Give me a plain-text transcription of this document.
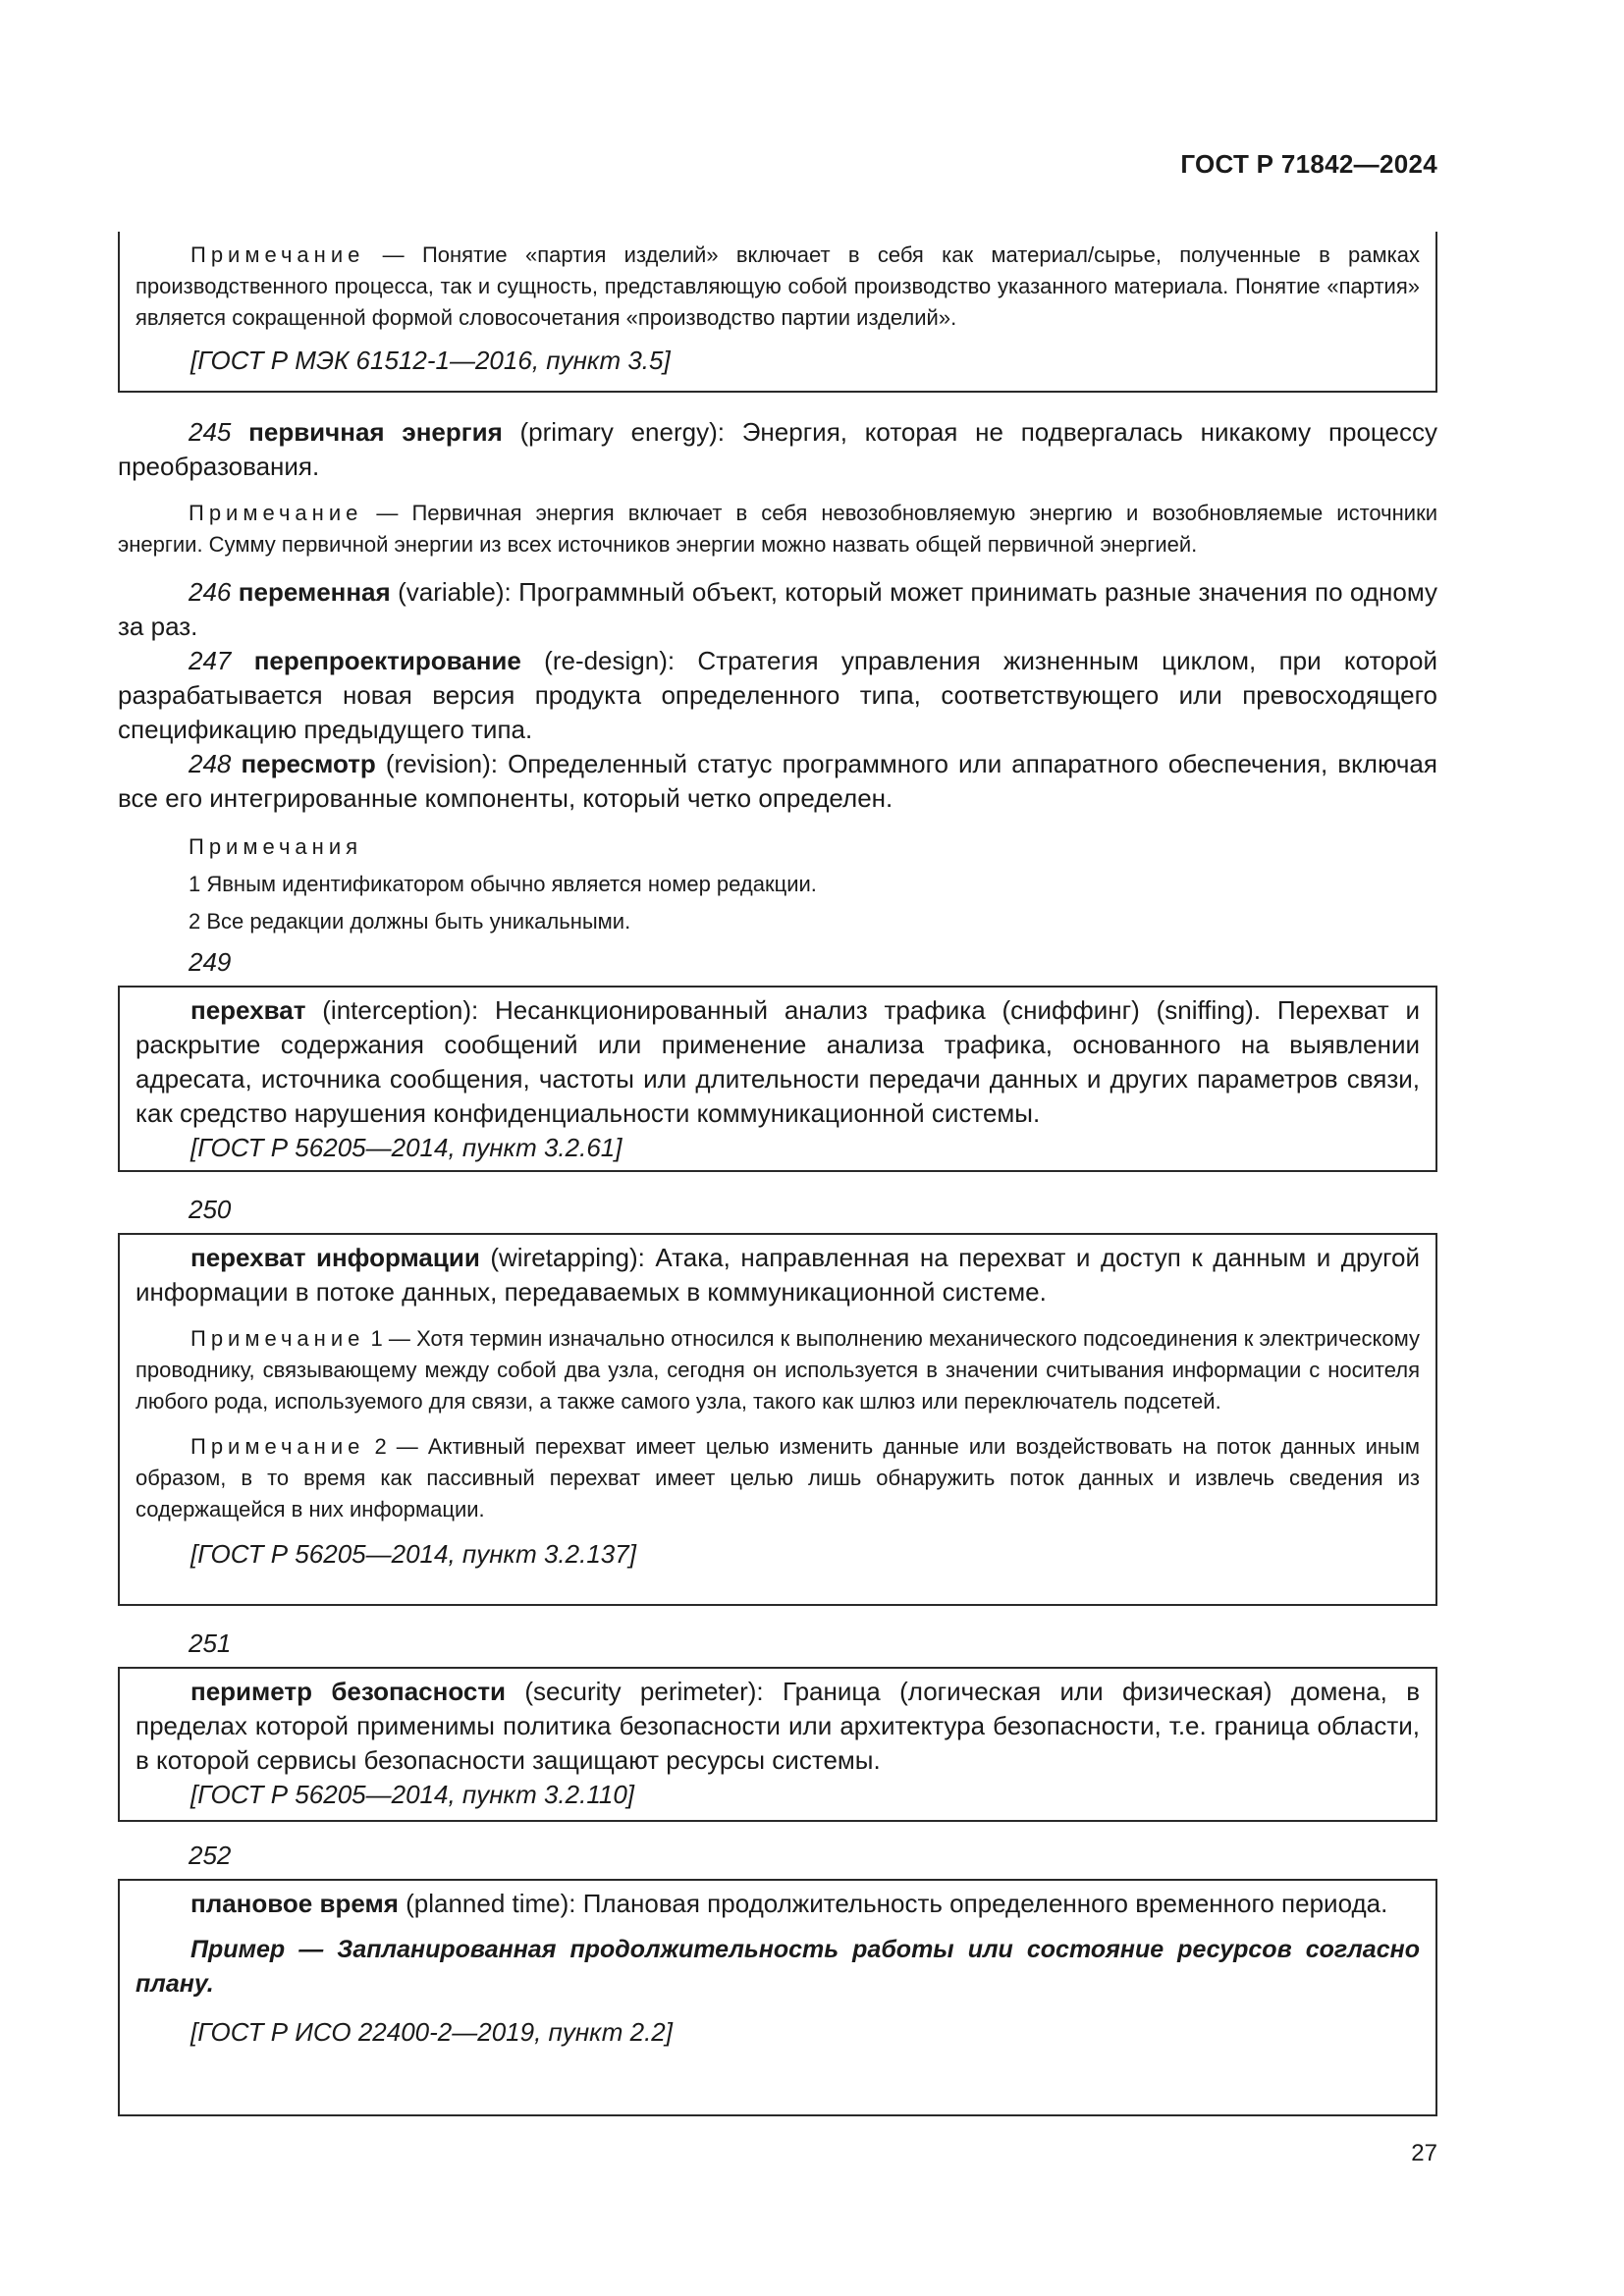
ГОСТ Р 71842—2024

Примечание — Понятие «партия изделий» включает в себя как материал/сырье, полученные в рамках производственного процесса, так и сущность, представляющую собой производство указанного материала. Понятие «партия» является сокращенной формой словосочетания «производство партии изделий».

[ГОСТ Р МЭК 61512-1—2016, пункт 3.5]

245 первичная энергия (primary energy): Энергия, которая не подвергалась никакому процессу преобразования.

Примечание — Первичная энергия включает в себя невозобновляемую энергию и возобновляемые источники энергии. Сумму первичной энергии из всех источников энергии можно назвать общей первичной энергией.

246 переменная (variable): Программный объект, который может принимать разные значения по одному за раз.

247 перепроектирование (re-design): Стратегия управления жизненным циклом, при которой разрабатывается новая версия продукта определенного типа, соответствующего или превосходящего спецификацию предыдущего типа.

248 пересмотр (revision): Определенный статус программного или аппаратного обеспечения, включая все его интегрированные компоненты, который четко определен.

Примечания

1 Явным идентификатором обычно является номер редакции.

2 Все редакции должны быть уникальными.

249

перехват (interception): Несанкционированный анализ трафика (сниффинг) (sniffing). Перехват и раскрытие содержания сообщений или применение анализа трафика, основанного на выявлении адресата, источника сообщения, частоты или длительности передачи данных и других параметров связи, как средство нарушения конфиденциальности коммуникационной системы.

[ГОСТ Р 56205—2014, пункт 3.2.61]

250

перехват информации (wiretapping): Атака, направленная на перехват и доступ к данным и другой информации в потоке данных, передаваемых в коммуникационной системе.

Примечание 1 — Хотя термин изначально относился к выполнению механического подсоединения к электрическому проводнику, связывающему между собой два узла, сегодня он используется в значении считывания информации с носителя любого рода, используемого для связи, а также самого узла, такого как шлюз или переключатель подсетей.

Примечание 2 — Активный перехват имеет целью изменить данные или воздействовать на поток данных иным образом, в то время как пассивный перехват имеет целью лишь обнаружить поток данных и извлечь сведения из содержащейся в них информации.

[ГОСТ Р 56205—2014, пункт 3.2.137]

251

периметр безопасности (security perimeter): Граница (логическая или физическая) домена, в пределах которой применимы политика безопасности или архитектура безопасности, т.е. граница области, в которой сервисы безопасности защищают ресурсы системы.

[ГОСТ Р 56205—2014, пункт 3.2.110]

252

плановое время (planned time): Плановая продолжительность определенного временного периода.

Пример — Запланированная продолжительность работы или состояние ресурсов согласно плану.

[ГОСТ Р ИСО 22400-2—2019, пункт 2.2]

27
